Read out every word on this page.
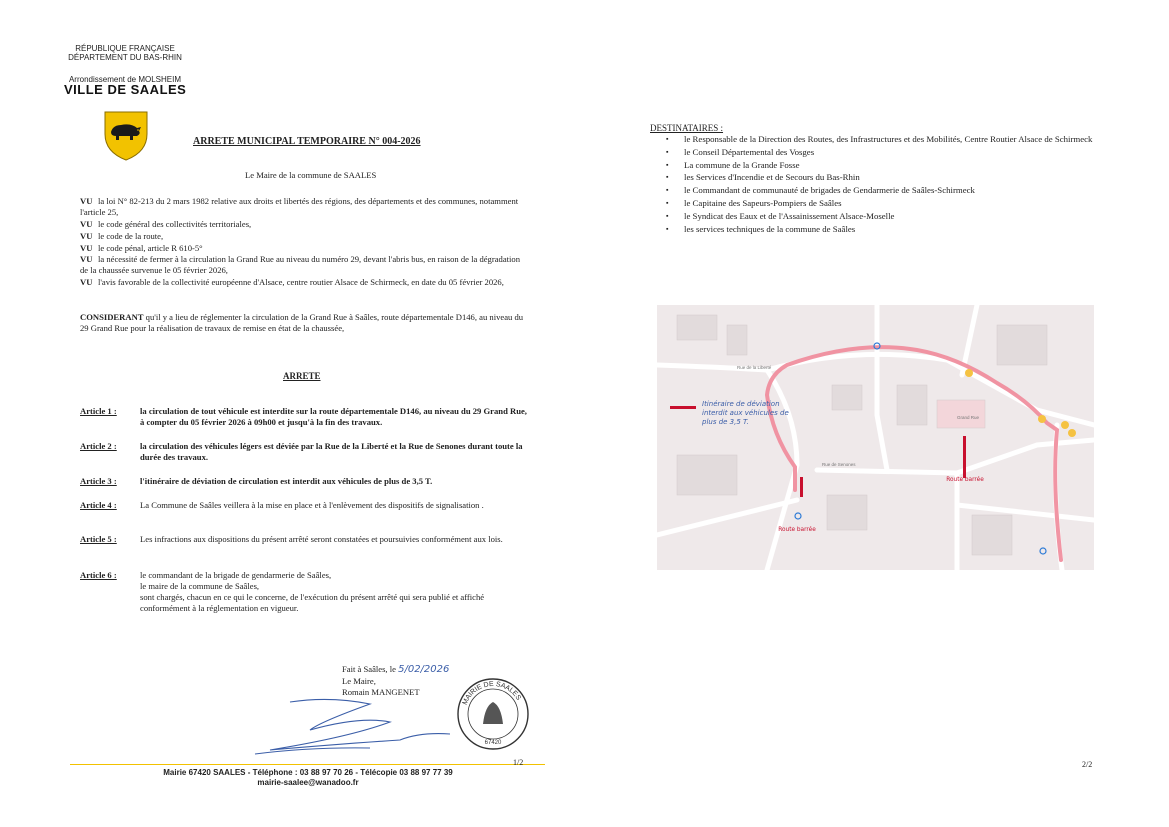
RÉPUBLIQUE FRANÇAISE
DÉPARTEMENT DU BAS-RHIN
Arrondissement de MOLSHEIM
VILLE DE SAALES
ARRETE MUNICIPAL TEMPORAIRE N° 004-2026
Le Maire de la commune de SAALES
VU la loi N° 82-213 du 2 mars 1982 relative aux droits et libertés des régions, des départements et des communes, notamment l'article 25,
VU le code général des collectivités territoriales,
VU le code de la route,
VU le code pénal, article R 610-5°
VU la nécessité de fermer à la circulation la Grand Rue au niveau du numéro 29, devant l'abris bus, en raison de la dégradation de la chaussée survenue le 05 février 2026,
VU l'avis favorable de la collectivité européenne d'Alsace, centre routier Alsace de Schirmeck, en date du 05 février 2026,
CONSIDERANT qu'il y a lieu de réglementer la circulation de la Grand Rue à Saâles, route départementale D146, au niveau du 29 Grand Rue pour la réalisation de travaux de remise en état de la chaussée,
ARRETE
Article 1 :	la circulation de tout véhicule est interdite sur la route départementale D146, au niveau du 29 Grand Rue, à compter du 05 février 2026 à 09h00 et jusqu'à la fin des travaux.
Article 2 :	la circulation des véhicules légers est déviée par la Rue de la Liberté et la Rue de Senones durant toute la durée des travaux.
Article 3 :	l'itinéraire de déviation de circulation est interdit aux véhicules de plus de 3,5 T.
Article 4 :	La Commune de Saâles veillera à la mise en place et à l'enlèvement des dispositifs de signalisation .
Article 5 :	Les infractions aux dispositions du présent arrêté seront constatées et poursuivies conformément aux lois.
Article 6 :	le commandant de la brigade de gendarmerie de Saâles,
le maire de la commune de Saâles,
sont chargés, chacun en ce qui le concerne, de l'exécution du présent arrêté qui sera publié et affiché conformément à la réglementation en vigueur.
Fait à Saâles, le 5/02/2026
Le Maire,
Romain MANGENET
MAIRIE DE SAALES
67420
1/2
Mairie 67420 SAALES - Téléphone : 03 88 97 70 26 - Télécopie 03 88 97 77 39
mairie-saalee@wanadoo.fr
DESTINATAIRES :
▪ le Responsable de la Direction des Routes, des Infrastructures et des Mobilités, Centre Routier Alsace de Schirmeck
▪ le Conseil Départemental des Vosges
▪ La commune de la Grande Fosse
▪ les Services d'Incendie et de Secours du Bas-Rhin
▪ le Commandant de communauté de brigades de Gendarmerie de Saâles-Schirmeck
▪ le Capitaine des Sapeurs-Pompiers de Saâles
▪ le Syndicat des Eaux et de l'Assainissement Alsace-Moselle
▪ les services techniques de la commune de Saâles
Rue de la Liberté
Rue de Senones
Grand Rue
Itinéraire de déviation interdit aux véhicules de plus de 3,5 T.
Route barrée
Route barrée
2/2
